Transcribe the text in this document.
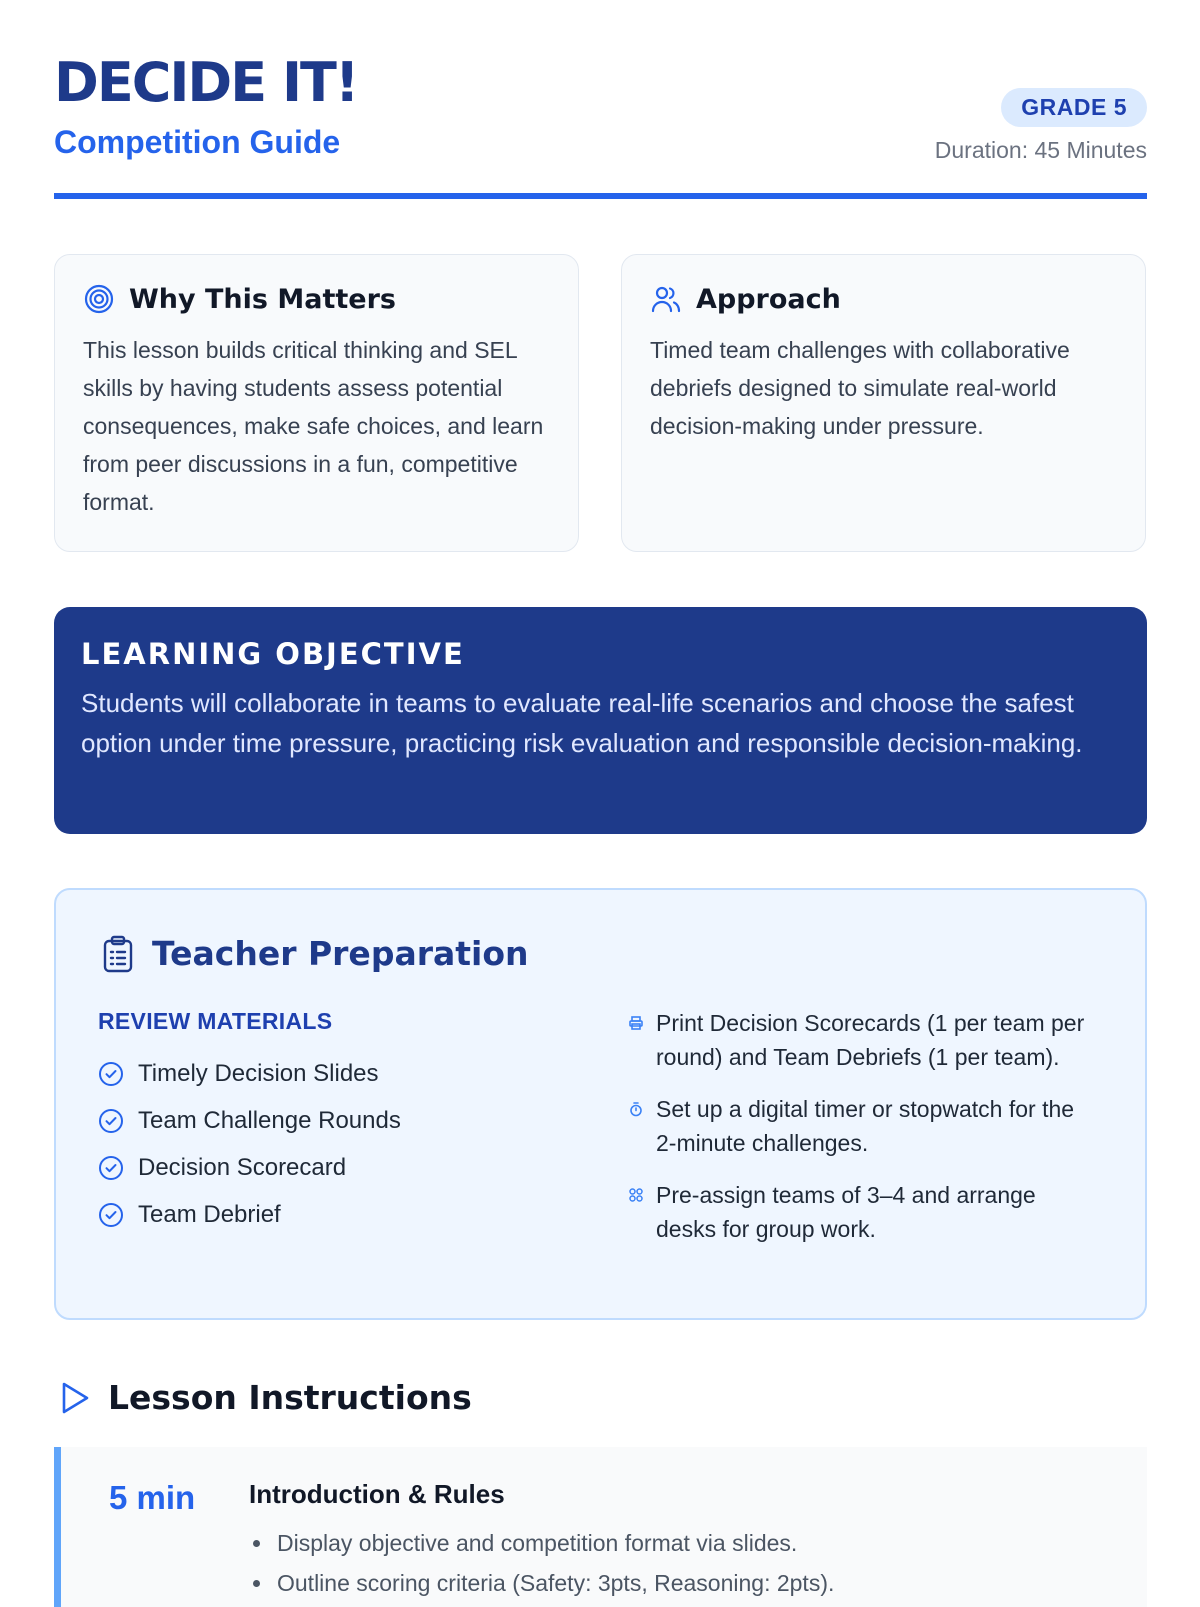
DECIDE IT!
Competition Guide
GRADE 5
Duration: 45 Minutes
Why This Matters

This lesson builds critical thinking and SEL skills by having students assess potential consequences, make safe choices, and learn from peer discussions in a fun, competitive format.

Approach

Timed team challenges with collaborative debriefs designed to simulate real-world decision-making under pressure.

LEARNING OBJECTIVE

Students will collaborate in teams to evaluate real-life scenarios and choose the safest option under time pressure, practicing risk evaluation and responsible decision-making.

Teacher Preparation
REVIEW MATERIALS
Timely Decision Slides
Team Challenge Rounds
Decision Scorecard
Team Debrief
Print Decision Scorecards (1 per team per round) and Team Debriefs (1 per team).
Set up a digital timer or stopwatch for the 2-minute challenges.
Pre-assign teams of 3–4 and arrange desks for group work.
Lesson Instructions
5 min Introduction & Rules
Display objective and competition format via slides.
Outline scoring criteria (Safety: 3pts, Reasoning: 2pts).
